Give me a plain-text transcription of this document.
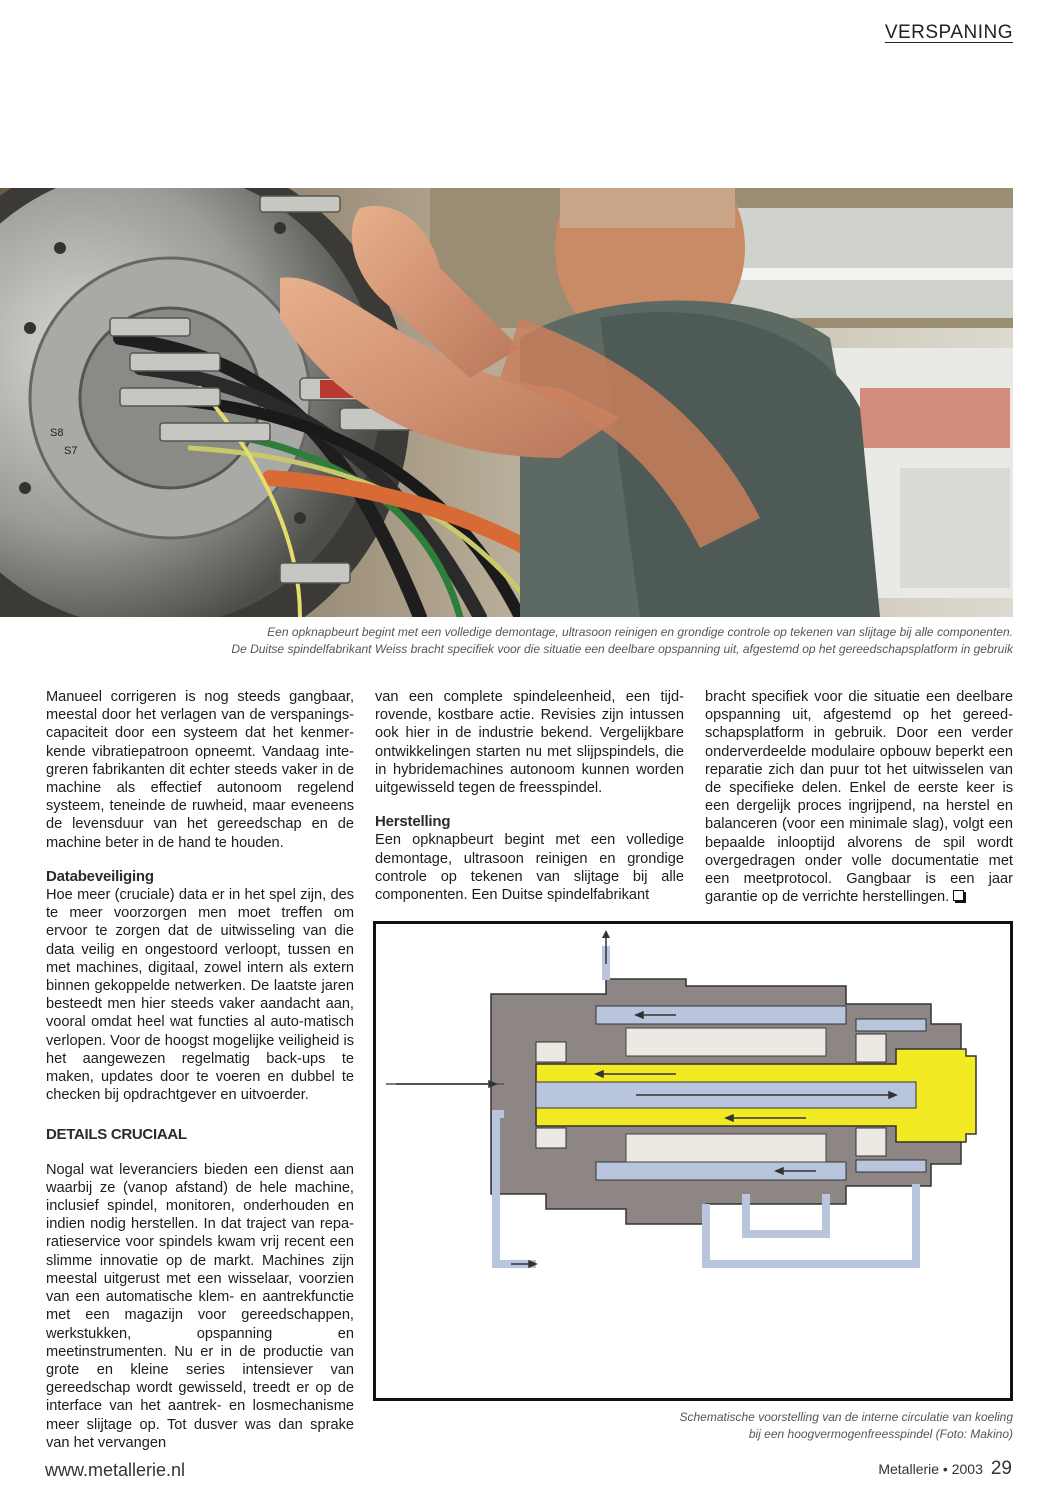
VERSPANING
S8
S7
Een opknapbeurt begint met een volledige demontage, ultrasoon reinigen en grondige controle op tekenen van slijtage bij alle componenten.
De Duitse spindelfabrikant Weiss bracht specifiek voor die situatie een deelbare opspanning uit, afgestemd op het gereedschapsplatform in gebruik

Manueel corrigeren is nog steeds gangbaar, meestal door het verlagen van de verspanings-capaciteit door een systeem dat het kenmer-kende vibratiepatroon opneemt. Vandaag inte-greren fabrikanten dit echter steeds vaker in de machine als effectief autonoom regelend systeem, teneinde de ruwheid, maar eveneens de levensduur van het gereedschap en de machine beter in de hand te houden.

Databeveiliging

Hoe meer (cruciale) data er in het spel zijn, des te meer voorzorgen men moet treffen om ervoor te zorgen dat de uitwisseling van die data veilig en ongestoord verloopt, tussen en met machines, digitaal, zowel intern als extern binnen gekoppelde netwerken. De laatste jaren besteedt men hier steeds vaker aandacht aan, vooral omdat heel wat functies al auto-matisch verlopen. Voor de hoogst mogelijke veiligheid is het aangewezen regelmatig back-ups te maken, updates door te voeren en dubbel te checken bij opdrachtgever en uitvoerder.

DETAILS CRUCIAAL

Nogal wat leveranciers bieden een dienst aan waarbij ze (vanop afstand) de hele machine, inclusief spindel, monitoren, onderhouden en indien nodig herstellen. In dat traject van repa-ratieservice voor spindels kwam vrij recent een slimme innovatie op de markt. Machines zijn meestal uitgerust met een wisselaar, voorzien van een automatische klem- en aantrekfunctie met een magazijn voor gereedschappen, werkstukken, opspanning en meetinstrumenten. Nu er in de productie van grote en kleine series intensiever van gereedschap wordt gewisseld, treedt er op de interface van het aantrek- en losmechanisme meer slijtage op. Tot dusver was dan sprake van het vervangen

van een complete spindeleenheid, een tijd-rovende, kostbare actie. Revisies zijn intussen ook hier in de industrie bekend. Vergelijkbare ontwikkelingen starten nu met slijpspindels, die in hybridemachines autonoom kunnen worden uitgewisseld tegen de freesspindel.

Herstelling

Een opknapbeurt begint met een volledige demontage, ultrasoon reinigen en grondige controle op tekenen van slijtage bij alle componenten. Een Duitse spindelfabrikant

bracht specifiek voor die situatie een deelbare opspanning uit, afgestemd op het gereed-schapsplatform in gebruik. Door een verder onderverdeelde modulaire opbouw beperkt een reparatie zich dan puur tot het uitwisselen van de specifieke delen. Enkel de eerste keer is een dergelijk proces ingrijpend, na herstel en balanceren (voor een minimale slag), volgt een bepaalde inlooptijd alvorens de spil wordt overgedragen onder volle documentatie met een meetprotocol. Gangbaar is een jaar garantie op de verrichte herstellingen.

Schematische voorstelling van de interne circulatie van koeling
bij een hoogvermogenfreesspindel (Foto: Makino)
www.metallerie.nl	Metallerie • 2003 29
